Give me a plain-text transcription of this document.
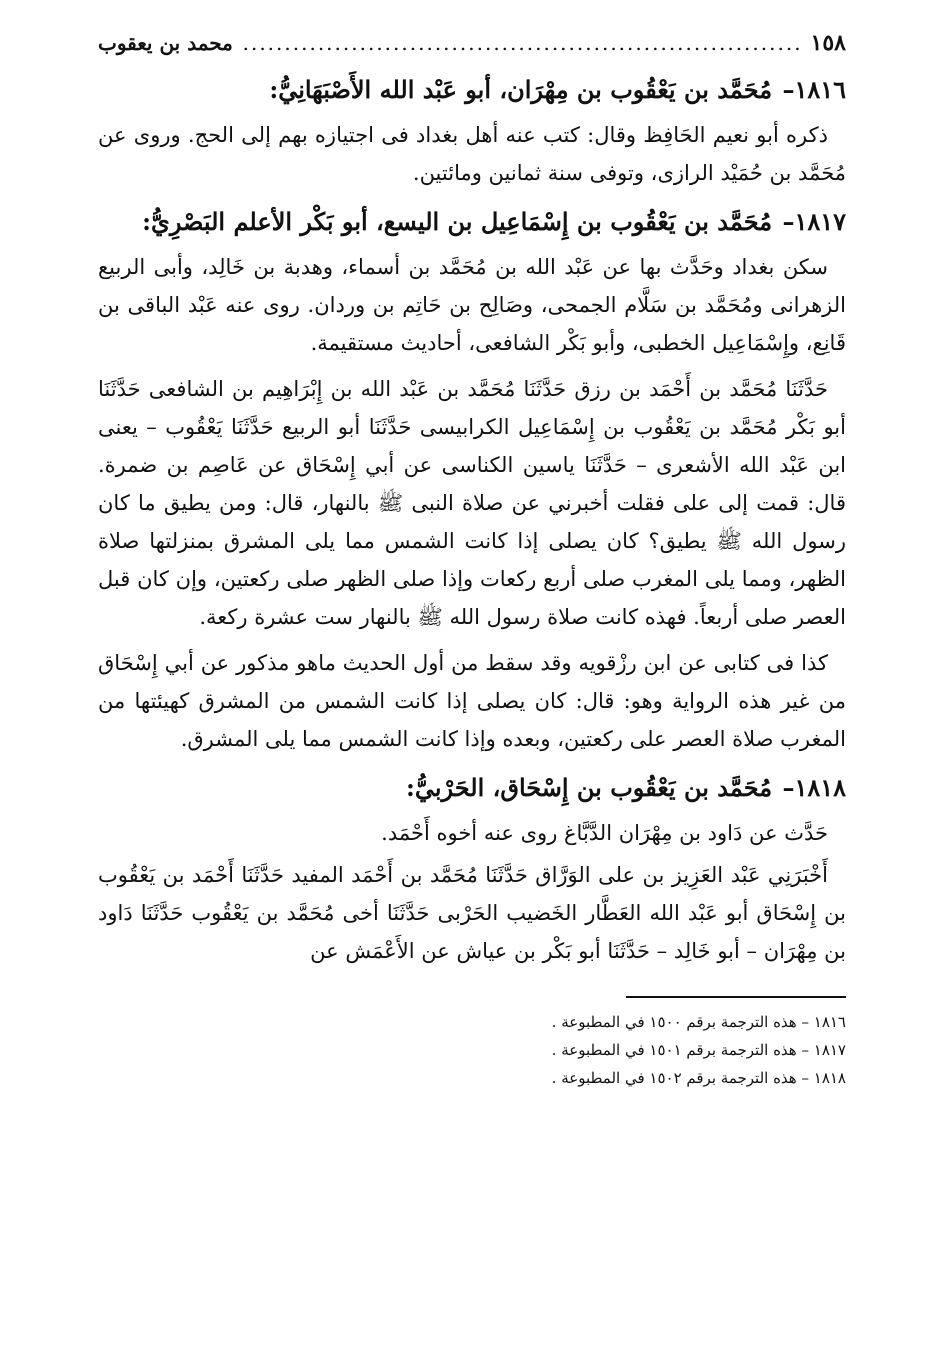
١٥٨
.....
محمد بن يعقوب

١٨١٦– مُحَمَّد بن يَعْقُوب بن مِهْرَان، أبو عَبْد الله الأَصْبَهَانِيُّ:

ذكره أبو نعيم الحَافِظ وقال: كتب عنه أهل بغداد فى اجتيازه بهم إلى الحج. وروى عن مُحَمَّد بن حُمَيْد الرازى، وتوفى سنة ثمانين ومائتين.

١٨١٧– مُحَمَّد بن يَعْقُوب بن إِسْمَاعِيل بن اليسع، أبو بَكْر الأعلم البَصْرِيُّ:

سكن بغداد وحَدَّث بها عن عَبْد الله بن مُحَمَّد بن أسماء، وهدبة بن خَالِد، وأبى الربيع الزهرانى ومُحَمَّد بن سَلَّام الجمحى، وصَالِح بن حَاتِم بن وردان. روى عنه عَبْد الباقى بن قَانِع، وإِسْمَاعِيل الخطبى، وأبو بَكْر الشافعى، أحاديث مستقيمة.

حَدَّثَنَا مُحَمَّد بن أَحْمَد بن رزق حَدَّثَنَا مُحَمَّد بن عَبْد الله بن إِبْرَاهِيم بن الشافعى حَدَّثَنَا أبو بَكْر مُحَمَّد بن يَعْقُوب بن إِسْمَاعِيل الكرابيسى حَدَّثَنَا أبو الربيع حَدَّثَنَا يَعْقُوب – يعنى ابن عَبْد الله الأشعرى – حَدَّثَنَا ياسين الكناسى عن أبي إِسْحَاق عن عَاصِم بن ضمرة. قال: قمت إلى على فقلت أخبرني عن صلاة النبى ﷺ بالنهار، قال: ومن يطيق ما كان رسول الله ﷺ يطيق؟ كان يصلى إذا كانت الشمس مما يلى المشرق بمنزلتها صلاة الظهر، ومما يلى المغرب صلى أربع ركعات وإذا صلى الظهر صلى ركعتين، وإن كان قبل العصر صلى أربعاً. فهذه كانت صلاة رسول الله ﷺ بالنهار ست عشرة ركعة.

كذا فى كتابى عن ابن رزْقويه وقد سقط من أول الحديث ماهو مذكور عن أبي إِسْحَاق من غير هذه الرواية وهو: قال: كان يصلى إذا كانت الشمس من المشرق كهيئتها من المغرب صلاة العصر على ركعتين، وبعده وإذا كانت الشمس مما يلى المشرق.

١٨١٨– مُحَمَّد بن يَعْقُوب بن إِسْحَاق، الحَرْبيُّ:

حَدَّث عن دَاود بن مِهْرَان الدَّبَّاغ روى عنه أخوه أَحْمَد.

أَخْبَرَنِي عَبْد العَزِيز بن على الوَرَّاق حَدَّثَنَا مُحَمَّد بن أَحْمَد المفيد حَدَّثَنَا أَحْمَد بن يَعْقُوب بن إِسْحَاق أبو عَبْد الله العَطَّار الخَضيب الحَرْبى حَدَّثَنَا أخى مُحَمَّد بن يَعْقُوب حَدَّثَنَا دَاود بن مِهْرَان – أبو خَالِد – حَدَّثَنَا أبو بَكْر بن عياش عن الأَعْمَش عن

١٨١٦ – هذه الترجمة برقم ١٥٠٠ في المطبوعة .

١٨١٧ – هذه الترجمة برقم ١٥٠١ في المطبوعة .

١٨١٨ – هذه الترجمة برقم ١٥٠٢ في المطبوعة .
